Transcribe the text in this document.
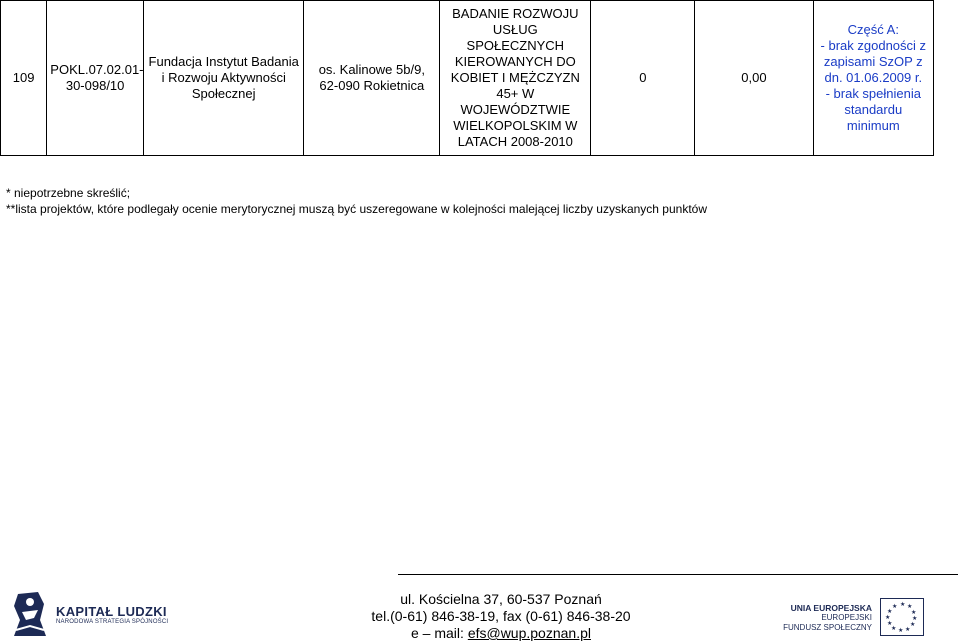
109	POKL.07.02.01-30-098/10	Fundacja Instytut Badania i Rozwoju Aktywności Społecznej	os. Kalinowe 5b/9,
62-090 Rokietnica	BADANIE ROZWOJU USŁUG SPOŁECZNYCH KIEROWANYCH DO KOBIET I MĘŻCZYZN 45+ W WOJEWÓDZTWIE WIELKOPOLSKIM W LATACH 2008-2010	0	0,00	Część A:
- brak zgodności z zapisami SzOP z dn. 01.06.2009 r.
- brak spełnienia standardu minimum
* niepotrzebne skreślić;
**lista projektów, które podlegały ocenie merytorycznej muszą być uszeregowane w kolejności malejącej liczby uzyskanych punktów
KAPITAŁ LUDZKI
NARODOWA STRATEGIA SPÓJNOŚCI
ul. Kościelna 37, 60-537 Poznań
tel.(0-61) 846-38-19, fax (0-61) 846-38-20
e – mail: efs@wup.poznan.pl
UNIA EUROPEJSKA
EUROPEJSKI
FUNDUSZ SPOŁECZNY
★ ★
★
★
★
★
★
★
★
★
★
★
